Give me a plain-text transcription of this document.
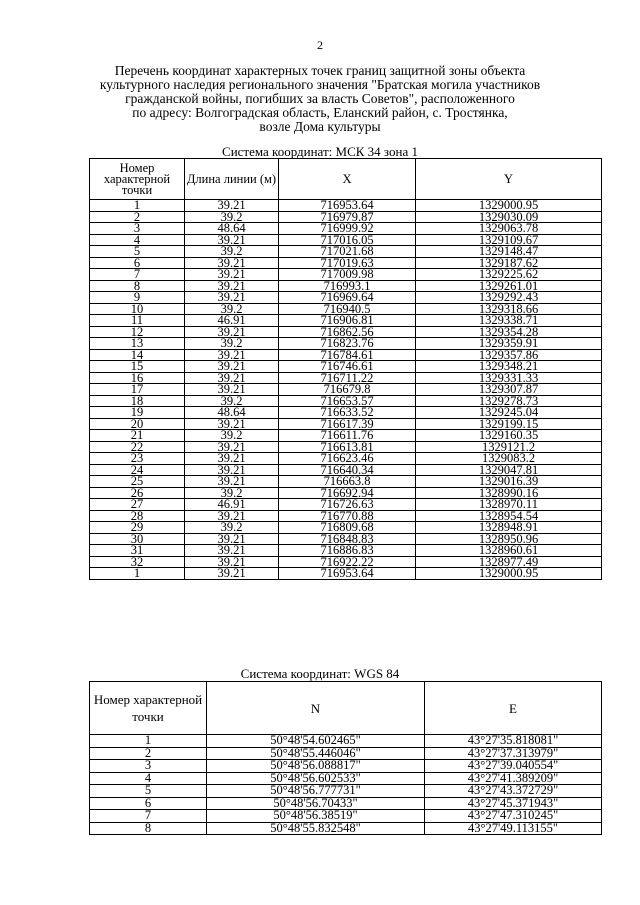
2
Перечень координат характерных точек границ защитной зоны объекта
культурного наследия регионального значения "Братская могила участников
гражданской войны, погибших за власть Советов", расположенного
по адресу: Волгоградская область, Еланский район, с. Тростянка,
возле Дома культуры
Система координат: МСК 34 зона 1
Номер характерной точки	Длина линии (м)	X	Y
1	39.21	716953.64	1329000.95
2	39.2	716979.87	1329030.09
3	48.64	716999.92	1329063.78
4	39.21	717016.05	1329109.67
5	39.2	717021.68	1329148.47
6	39.21	717019.63	1329187.62
7	39.21	717009.98	1329225.62
8	39.21	716993.1	1329261.01
9	39.21	716969.64	1329292.43
10	39.2	716940.5	1329318.66
11	46.91	716906.81	1329338.71
12	39.21	716862.56	1329354.28
13	39.2	716823.76	1329359.91
14	39.21	716784.61	1329357.86
15	39.21	716746.61	1329348.21
16	39.21	716711.22	1329331.33
17	39.21	716679.8	1329307.87
18	39.2	716653.57	1329278.73
19	48.64	716633.52	1329245.04
20	39.21	716617.39	1329199.15
21	39.2	716611.76	1329160.35
22	39.21	716613.81	1329121.2
23	39.21	716623.46	1329083.2
24	39.21	716640.34	1329047.81
25	39.21	716663.8	1329016.39
26	39.2	716692.94	1328990.16
27	46.91	716726.63	1328970.11
28	39.21	716770.88	1328954.54
29	39.2	716809.68	1328948.91
30	39.21	716848.83	1328950.96
31	39.21	716886.83	1328960.61
32	39.21	716922.22	1328977.49
1	39.21	716953.64	1329000.95
Система координат: WGS 84
Номер характерной точки	N	E
1	50°48'54.602465"	43°27'35.818081"
2	50°48'55.446046"	43°27'37.313979"
3	50°48'56.088817"	43°27'39.040554"
4	50°48'56.602533"	43°27'41.389209"
5	50°48'56.777731"	43°27'43.372729"
6	50°48'56.70433"	43°27'45.371943"
7	50°48'56.38519"	43°27'47.310245"
8	50°48'55.832548"	43°27'49.113155"
